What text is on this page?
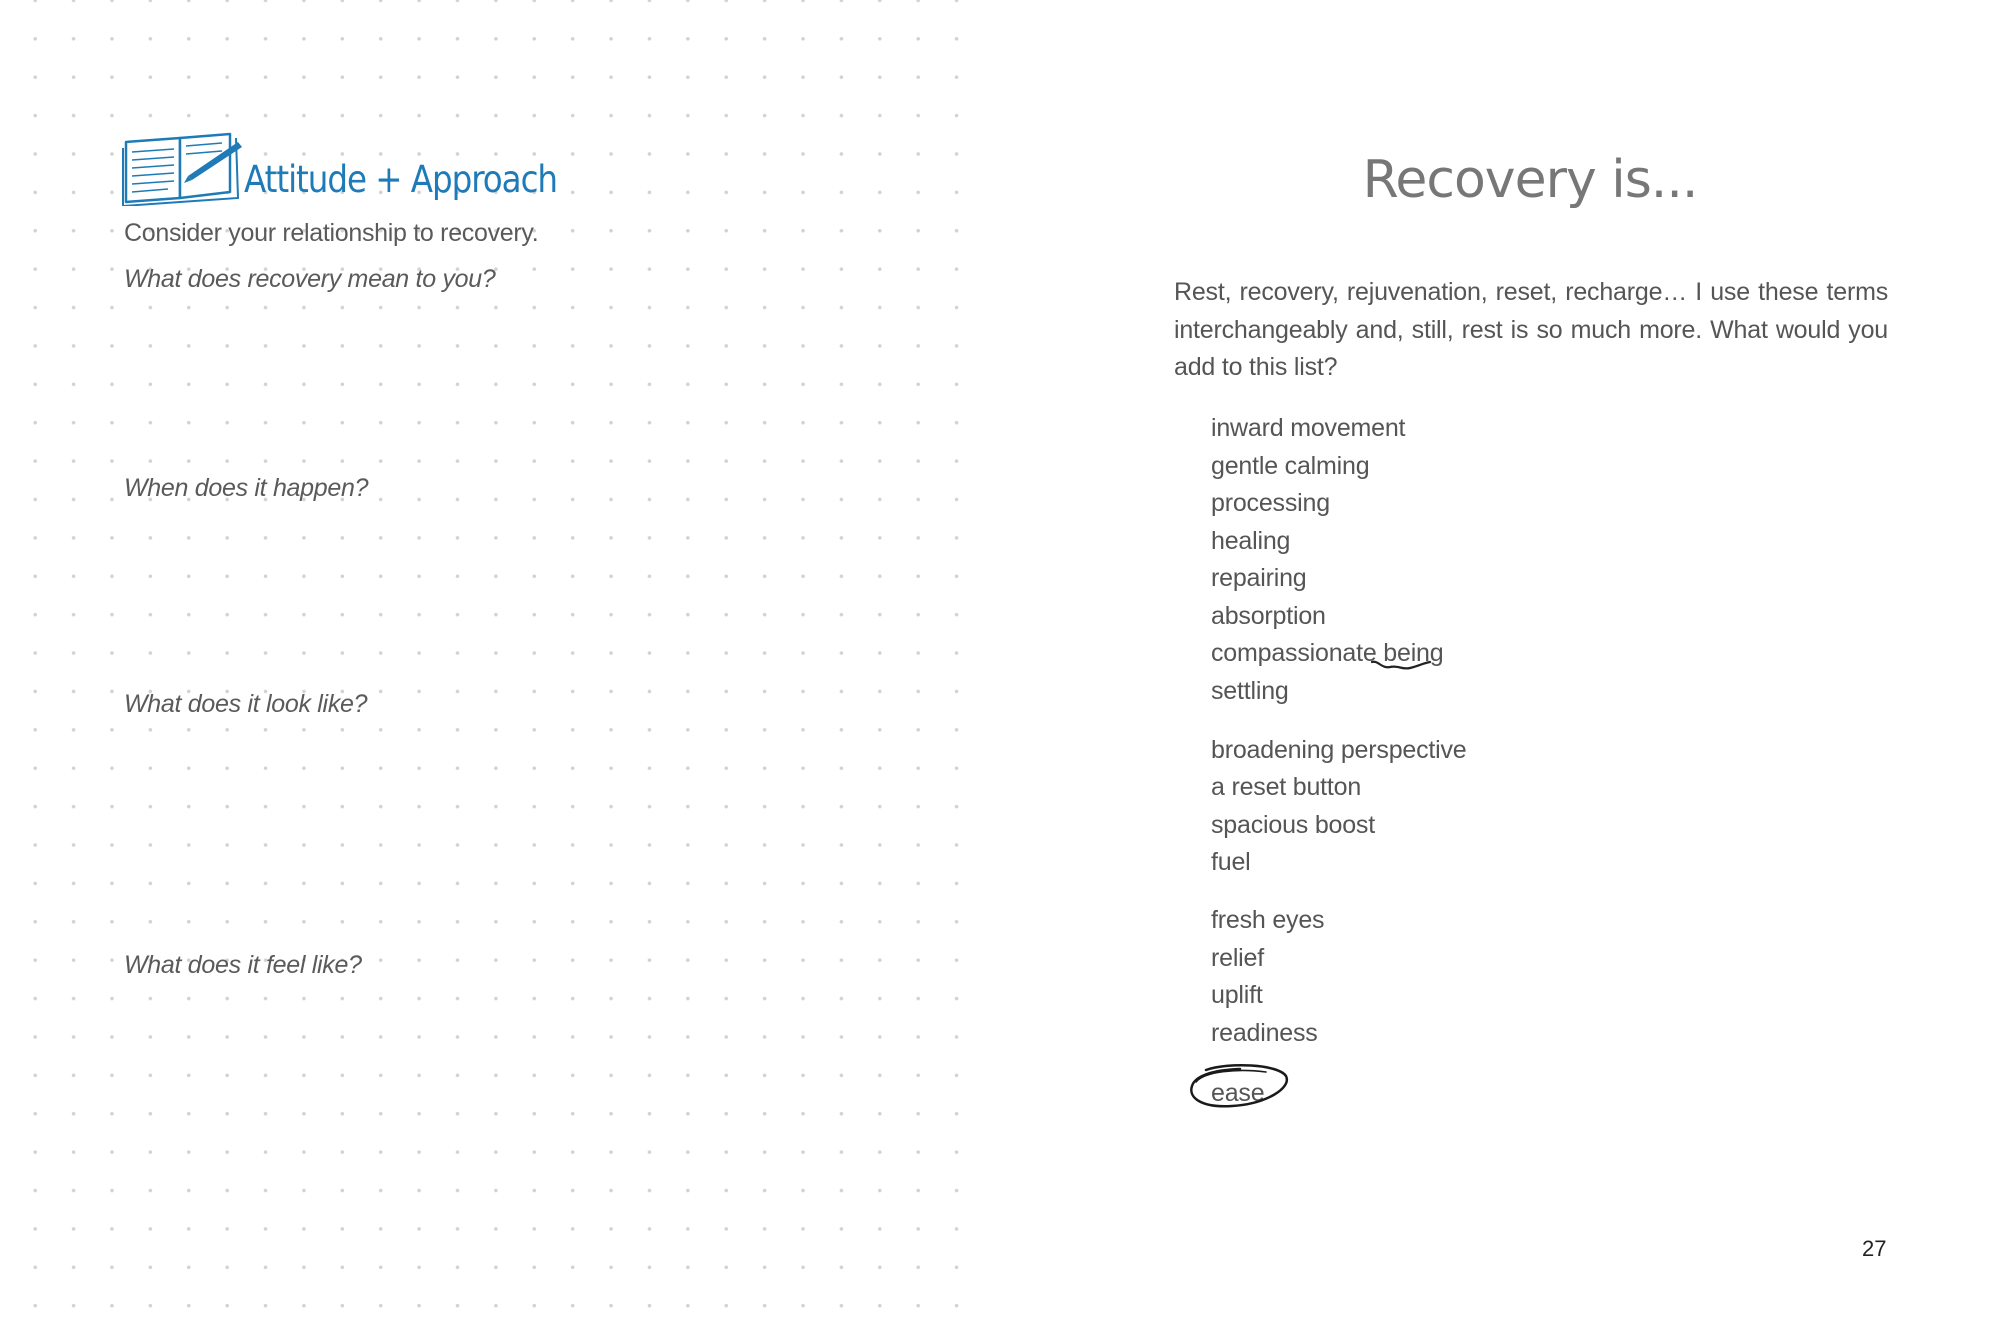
Attitude + Approach
Consider your relationship to recovery.
What does recovery mean to you?
When does it happen?
What does it look like?
What does it feel like?
Recovery is...
Rest, recovery, rejuvenation, reset, recharge… I use these terms interchangeably and, still, rest is so much more. What would you add to this list?
inward movement
gentle calming
processing
healing
repairing
absorption
compassionate being
settling
broadening perspective
a reset button
spacious boost
fuel
fresh eyes
relief
uplift
readiness
ease
27
